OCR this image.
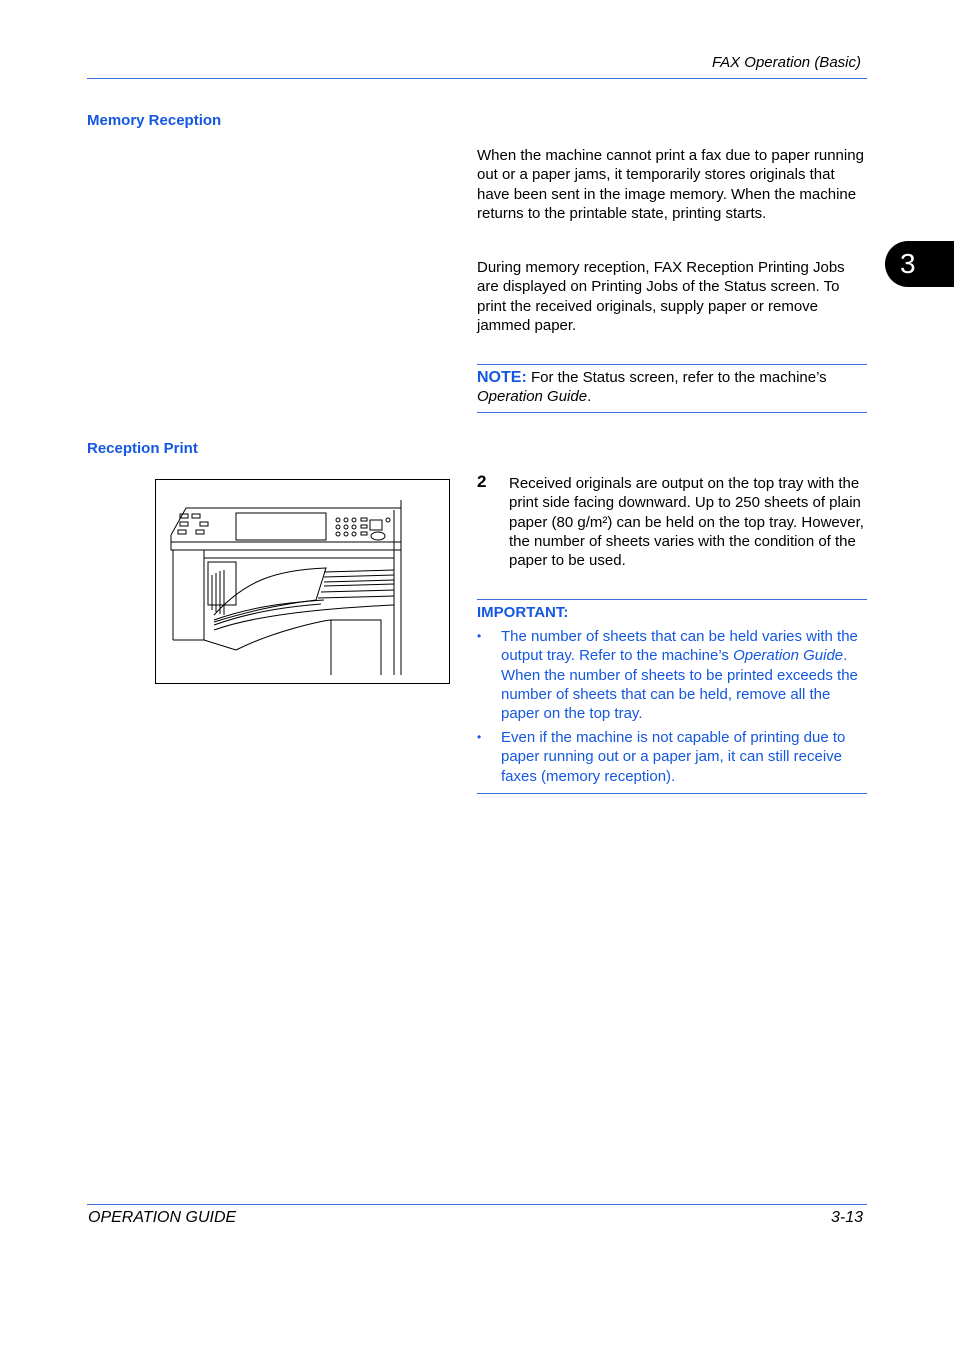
FAX Operation (Basic)
3
Memory Reception
When the machine cannot print a fax due to paper running out or a paper jams, it temporarily stores originals that have been sent in the image memory. When the machine returns to the printable state, printing starts.
During memory reception, FAX Reception Printing Jobs are displayed on Printing Jobs of the Status screen. To print the received originals, supply paper or remove jammed paper.
NOTE: For the Status screen, refer to the machine’s
Operation Guide.
Reception Print
2 Received originals are output on the top tray with the print side facing downward. Up to 250 sheets of plain paper (80 g/m²) can be held on the top tray. However, the number of sheets varies with the condition of the paper to be used.
IMPORTANT:
• The number of sheets that can be held varies with the output tray. Refer to the machine’s Operation Guide. When the number of sheets to be printed exceeds the number of sheets that can be held, remove all the paper on the top tray.
• Even if the machine is not capable of printing due to paper running out or a paper jam, it can still receive faxes (memory reception).
OPERATION GUIDE	3-13
